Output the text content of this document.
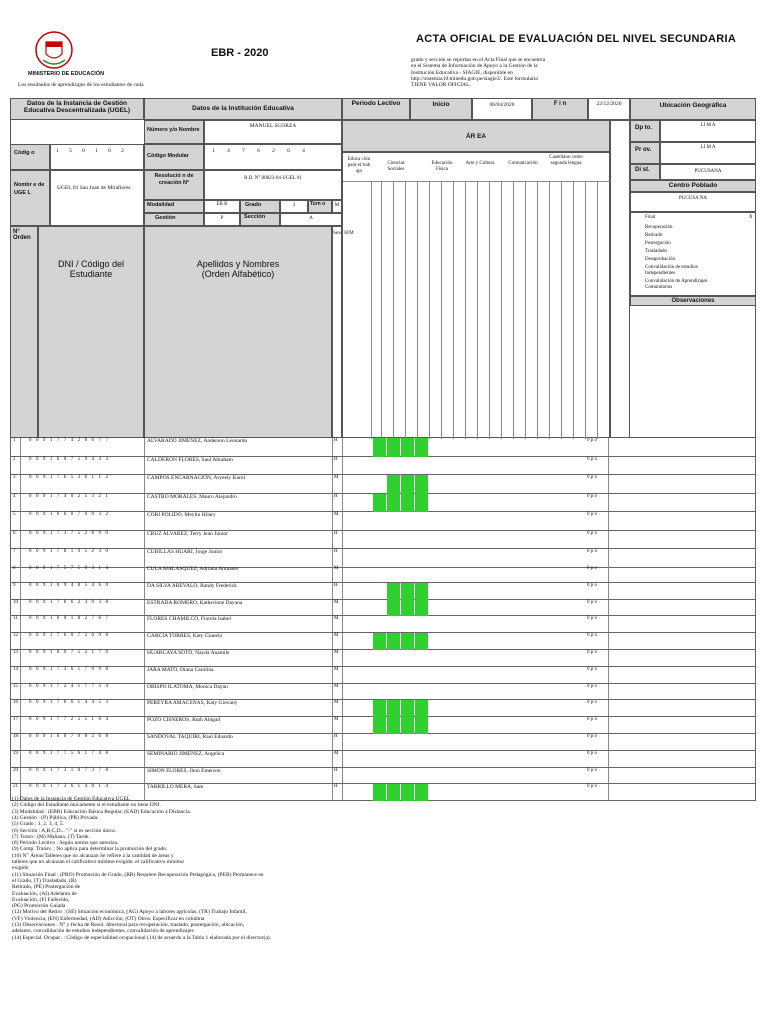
MINISTERIO DE EDUCACIÓN
Los resultados de aprendizajes de los estudiantes de cada
EBR - 2020
ACTA OFICIAL DE EVALUACIÓN DEL NIVEL SECUNDARIA
grado y sección se reportan en el Acta Final que se encuentra
en el Sistema de Información de Apoyo a la Gestión de la
Institución Educativa - SIAGIE, disponible en
http://sistemas10.minedu.gob.pe/siagie3/. Este formulario
TIENE VALOR OFICIAL.
Datos de la Instancia de Gestión Educativa Descentralizada (UGEL)	Datos de la Institución Educativa
Periodo Lectivo	Inicio	06/04/2020	F i n	22/12/2020	Ubicación Geográfica
Número y/o Nombre
MANUEL SCORZA
ÁR EA
Códig o	1 5 0 1 0 2
Código Modular
1 4 7 6 2 6 4
Nombr e de UGE L
UGEL 01 San Juan de Miraflores
Resolució n de creación N°
R.D. N° 00823-04-UGEL 01
Modalidad	EB R	Grado	3	Turn o	M
Gestión	P	Sección	A
N° Orden
DNI / Código del Estudiante
Apellidos y Nombres (Orden Alfabético)
Sexo H/M
Educa ción para el trab ajo
Ciencias Sociales
Educación Física
Arte y Cultura	Comunicación
Castellano como segunda lengua
Dp to.	LI M A
Pr ov.	LI M A
Di st.	PUCUSANA
Centro Poblado
PUCUSA NA
Final	X
Recuperación
Retirado
Postergación
Trasladado
Desaprobación
Convalidación de estudios Independientes
Convalidación de Aprendizajes Comunitarios
Observaciones
1	0 0 9 1 7 7 4 2 8 6 7 7	ALVARADO JIMENEZ, Anderson Leonardo	H	0 p o
2	0 0 9 1 6 0 7 5 9 4 4 3	CALDERON FLORES, Saul Abraham	H	0 p o
3	0 0 9 1 7 6 5 3 6 1 1 2	CAMPOS ENCARNACION, Aryeely Karol	M	0 p o
4	0 0 9 1 7 4 0 2 5 3 2 1	CASTRO MORALES, Mauro Alejandro	H	0 p o
5	0 0 9 1 6 6 0 7 0 9 3 2	CORI POLIDO, Meylin Hilary	M	0 p o
6	0 0 9 1 7 3 7 5 2 8 9 0	CRUZ ALVAREZ, Terry Jean Junior	H	0 p o
7	0 0 9 1 7 8 1 9 5 2 3 0	CUBILLAS HUARI, Jorge Junior	H	0 p o
8	0 0 9 1 7 5 7 5 9 3 1 4	CULA MALASQUEZ, Adriana Antuanet	M	0 p o
9	0 0 9 1 6 9 4 8 5 4 6 0	DA SILVA AREVALO, Randy Frederick	H	0 p o
10	0 0 9 1 7 6 6 2 3 9 3 8	ESTRADA ROMERO, Katherinne Dayana	M	0 p o
11	0 0 9 1 6 0 1 8 2 7 6 7	FLORES CHAMILCO, Fiorela Isabel	M	0 p o
12	0 0 9 1 7 6 0 7 2 6 9 8	GARCIA TORRES, Katy Gianela	M	0 p o
13	0 0 9 1 6 0 7 5 2 1 7 9	HUARCAYA SOTO, Nayda Anamile	M	0 p o
14	0 0 9 1 7 3 6 1 7 9 9 8	JARA MATO, Diana Carolina	M	0 p o
15	0 0 9 1 7 2 4 1 7 7 3 4	OBISPO ILATOMA, Monica Dayan	M	0 p o
16	0 0 9 1 7 6 6 1 4 4 5 3	PEREYRA AMACENAS, Katy Giovany	M	0 p o
17	0 0 9 1 7 7 2 5 5 1 6 4	POZO CISNEROS, Ruth Abigail	M	0 p o
18	0 0 9 1 6 0 7 9 8 2 6 8	SANDOVAL TAQUIRI, Raul Eduardo	H	0 p o
19	0 0 9 1 7 7 5 6 1 7 4 8	SEMINARIO JIMENEZ, Angelica	M	0 p o
20	0 0 9 1 7 3 1 0 7 3 7 8	SIMON FLORES, Jhon Emerson	H	0 p o
21	0 0 9 1 7 3 6 1 4 8 1 4	TARRILLO MERA, Sam	H	0 p o
(1) Datos de la Instancia de Gestión Educativa UGEL
(2) Código del Estudiante únicamente si el estudiante no tiene DNI.
(3) Modalidad : (EBR) Educación Básica Regular, (EAD) Educación a Distancia.
(4) Gestión : (P) Pública, (PR) Privada.
(5) Grado : 1, 2, 3, 4, 5.
(6) Sección : A,B,C,D... "-" si es sección única.
(7) Turno : (M) Mañana, (T) Tarde.
(8) Periodo Lectivo : Según norma que autoriza.
(9) Comp. Transv. : No aplica para determinar la promoción del grado.
(10) N° Áreas/Talleres que no alcanzan Se refiere a la cantidad de áreas y
talleres que no alcanzan el calificativo mínimo exigido. el calificativo mínimo
exigido
(11) Situación Final : (PRO) Promoción de Grado, (RR) Requiere Recuperación Pedagógica, (PER) Permanece en
el Grado, (T) Trasladado, (R)
Retirado, (PE) Postergación de
Evaluación, (AI) Adelanto de
Evaluación, (F) Fallecido,
(PG) Promoción Guiada
(12) Motivo del Retiro : (SE) Situación económica, (AG) Apoyo a labores agrícolas, (TR) Trabajo Infantil,
(VF) Violencia, (EN) Enfermedad, (AD) Adicción, (OT) Otros. Especificar en columna
(13) Observaciones : N° y fecha de Resol. directoral para recuperación, traslado, postergación, ubicación,
adelanto, convalidación de estudios independientes, convalidación de aprendizajes
(14) Especial. Ocupac. : Código de especialidad ocupacional (14) de acuerdo a la Tabla 1 elaborada por el director(a).
